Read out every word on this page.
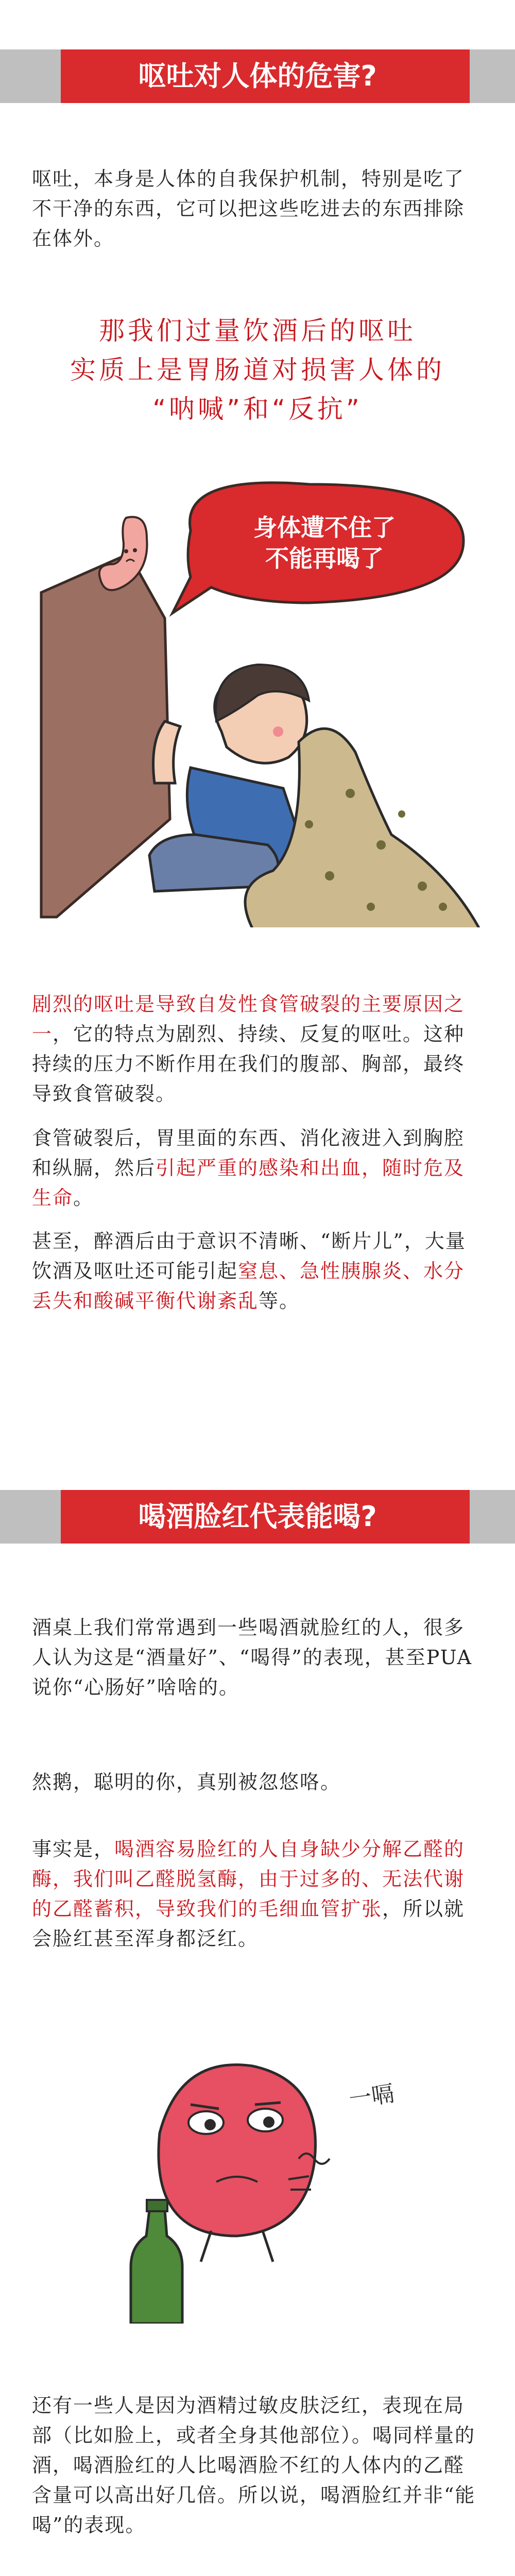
呕吐对人体的危害?
呕吐，本身是人体的自我保护机制，特别是吃了不干净的东西，它可以把这些吃进去的东西排除在体外。
那我们过量饮酒后的呕吐
实质上是胃肠道对损害人体的
“呐喊”和“反抗”
身体遭不住了
不能再喝了
剧烈的呕吐是导致自发性食管破裂的主要原因之一，它的特点为剧烈、持续、反复的呕吐。这种持续的压力不断作用在我们的腹部、胸部，最终导致食管破裂。
食管破裂后，胃里面的东西、消化液进入到胸腔和纵膈，然后引起严重的感染和出血，随时危及生命。
甚至，醉酒后由于意识不清晰、“断片儿”，大量饮酒及呕吐还可能引起窒息、急性胰腺炎、水分丢失和酸碱平衡代谢紊乱等。
喝酒脸红代表能喝?
酒桌上我们常常遇到一些喝酒就脸红的人，很多人认为这是“酒量好”、“喝得”的表现，甚至PUA说你“心肠好”啥啥的。
然鹅，聪明的你，真别被忽悠咯。
事实是，喝酒容易脸红的人自身缺少分解乙醛的酶，我们叫乙醛脱氢酶，由于过多的、无法代谢的乙醛蓄积，导致我们的毛细血管扩张，所以就会脸红甚至浑身都泛红。
一嗝
还有一些人是因为酒精过敏皮肤泛红，表现在局部（比如脸上，或者全身其他部位）。喝同样量的酒，喝酒脸红的人比喝酒脸不红的人体内的乙醛含量可以高出好几倍。所以说，喝酒脸红并非“能喝”的表现。
